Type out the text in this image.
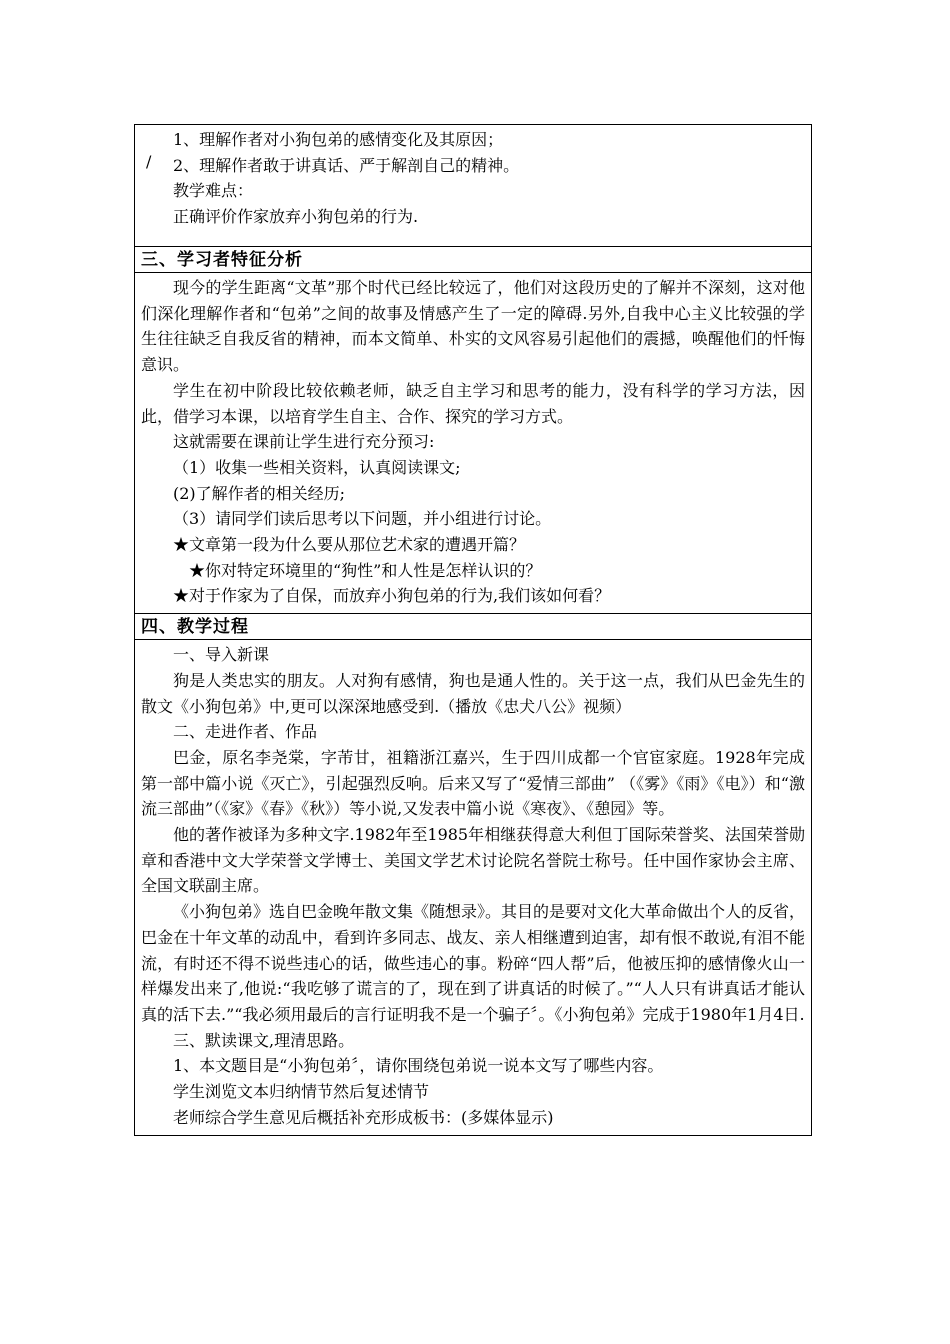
/

1、理解作者对小狗包弟的感情变化及其原因；

2、理解作者敢于讲真话、严于解剖自己的精神。

教学难点：

正确评价作家放弃小狗包弟的行为.

三、学习者特征分析

现今的学生距离“文革”那个时代已经比较远了，他们对这段历史的了解并不深刻，这对他们深化理解作者和“包弟”之间的故事及情感产生了一定的障碍.另外,自我中心主义比较强的学生往往缺乏自我反省的精神，而本文简单、朴实的文风容易引起他们的震撼，唤醒他们的忏悔意识。

学生在初中阶段比较依赖老师，缺乏自主学习和思考的能力，没有科学的学习方法，因此，借学习本课，以培育学生自主、合作、探究的学习方式。

这就需要在课前让学生进行充分预习:

（1）收集一些相关资料，认真阅读课文;

(2)了解作者的相关经历;

（3）请同学们读后思考以下问题，并小组进行讨论。

★文章第一段为什么要从那位艺术家的遭遇开篇？

★你对特定环境里的“狗性”和人性是怎样认识的？

★对于作家为了自保，而放弃小狗包弟的行为,我们该如何看？

四、教学过程

一、导入新课

狗是人类忠实的朋友。人对狗有感情，狗也是通人性的。关于这一点，我们从巴金先生的散文《小狗包弟》中,更可以深深地感受到.（播放《忠犬八公》视频）

二、走进作者、作品

巴金，原名李尧棠，字芾甘，祖籍浙江嘉兴，生于四川成都一个官宦家庭。1928年完成第一部中篇小说《灭亡》，引起强烈反响。后来又写了“爱情三部曲” （《雾》《雨》《电》）和“激流三部曲”（《家》《春》《秋》）等小说,又发表中篇小说《寒夜》、《憩园》等。

他的著作被译为多种文字.1982年至1985年相继获得意大利但丁国际荣誉奖、法国荣誉勋章和香港中文大学荣誉文学博士、美国文学艺术讨论院名誉院士称号。任中国作家协会主席、全国文联副主席。

《小狗包弟》选自巴金晚年散文集《随想录》。其目的是要对文化大革命做出个人的反省，巴金在十年文革的动乱中，看到许多同志、战友、亲人相继遭到迫害，却有恨不敢说,有泪不能流，有时还不得不说些违心的话，做些违心的事。粉碎“四人帮”后，他被压抑的感情像火山一样爆发出来了,他说:“我吃够了谎言的了，现在到了讲真话的时候了。”“人人只有讲真话才能认真的活下去.”“我必须用最后的言行证明我不是一个骗子〞。《小狗包弟》完成于1980年1月4日.

三、默读课文,理清思路。

1、本文题目是“小狗包弟〞，请你围绕包弟说一说本文写了哪些内容。

学生浏览文本归纳情节然后复述情节

老师综合学生意见后概括补充形成板书：(多媒体显示)
